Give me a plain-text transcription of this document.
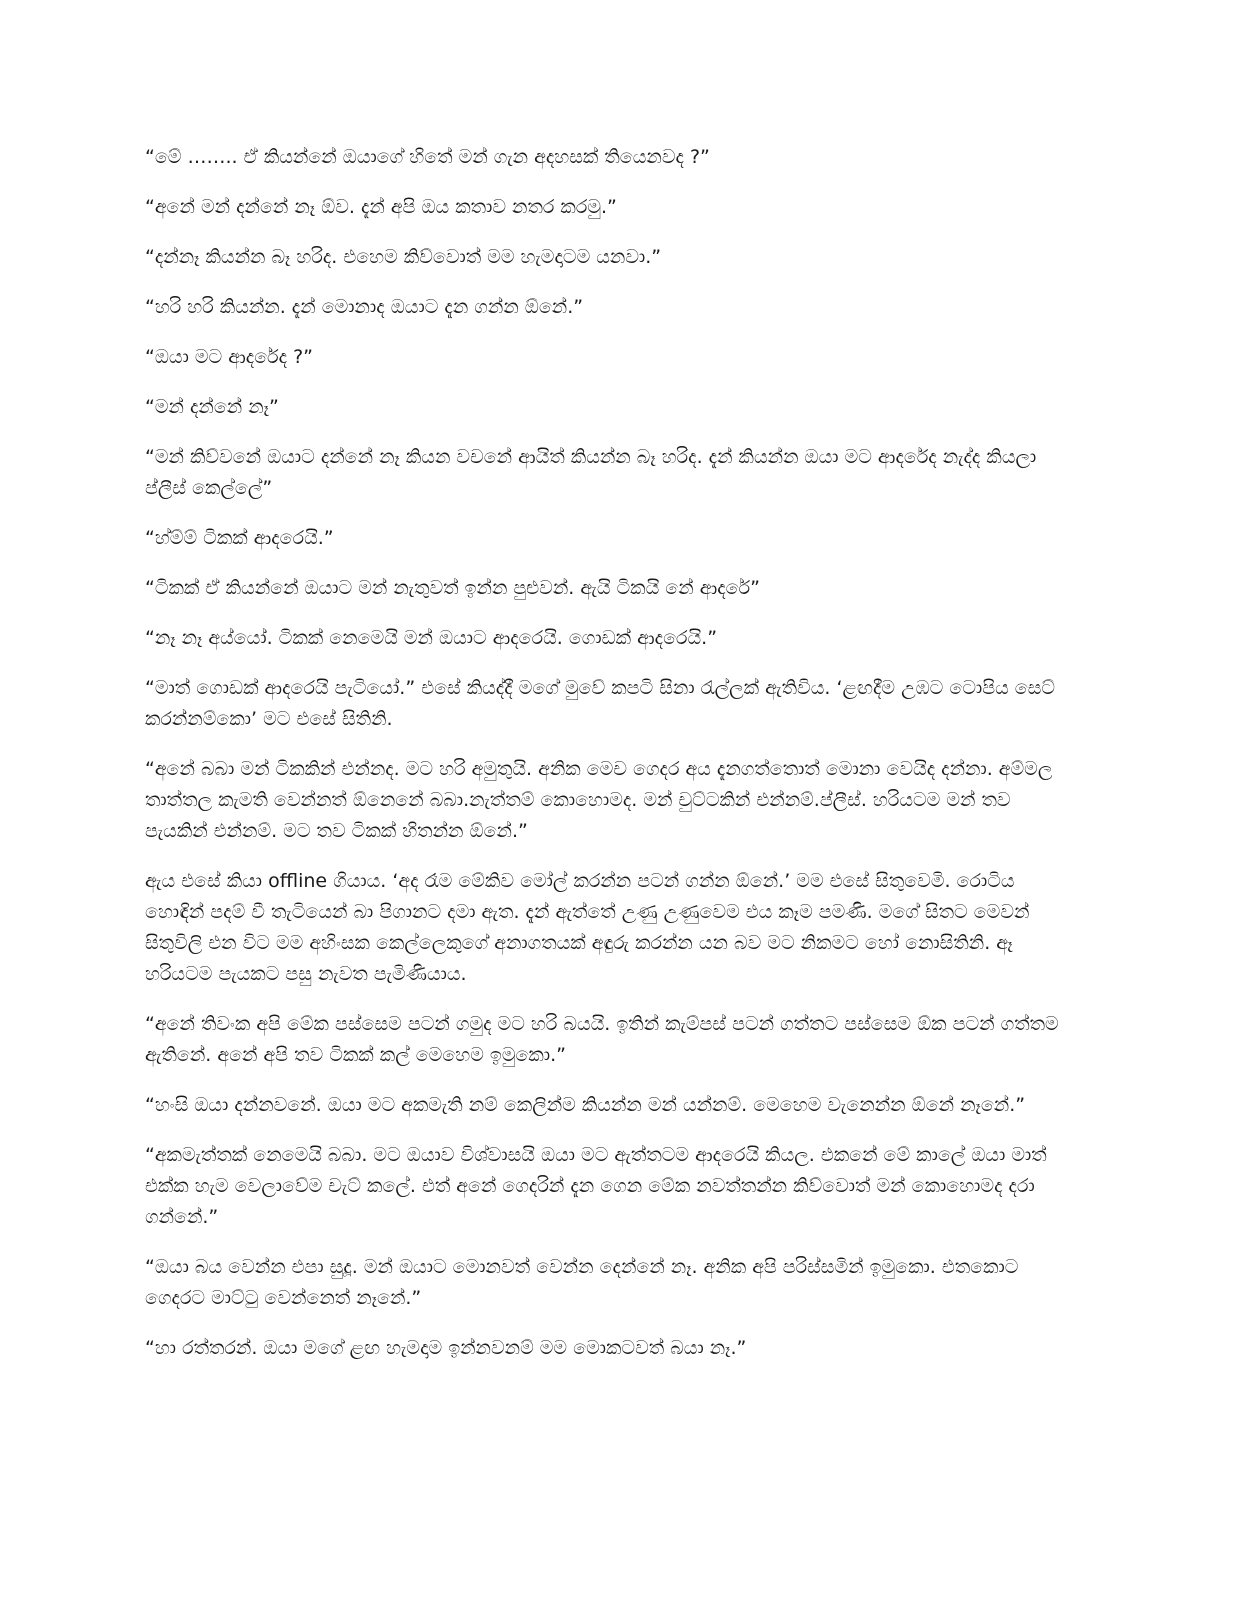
“මේ …….. ඒ කියන්නේ ඔයාගේ හිතේ මන් ගැන අදහසක් තියෙනවද ?”

“අනේ මන් දන්නේ නෑ ඕව. දැන් අපි ඔය කතාව නතර කරමු.”

“දන්නෑ කියන්න බෑ හරිද. එහෙම කිව්වොත් මම හැමදාටම යනවා.”

“හරි හරි කියන්න. දැන් මොනාද ඔයාට දැන ගන්න ඕනේ.”

“ඔයා මට ආදරේද ?”

“මන් දන්නේ නෑ”

“මන් කිව්වනේ ඔයාට දන්නේ නෑ කියන වචනේ ආයිත් කියන්න බෑ හරිද. දැන් කියන්න ඔයා මට ආදරේද නැද්ද කියලා ප්ලීස් කෙල්ලේ”

“හ්ම්ම් ටිකක් ආදරෙයි.”

“ටිකක් ඒ කියන්නේ ඔයාට මන් නැතුවත් ඉන්න පුළුවන්. ඇයි ටිකයි නේ ආදරේ”

“නෑ නෑ අය්යෝ. ටිකක් නෙමෙයි මන් ඔයාට ආදරෙයි. ගොඩක් ආදරෙයි.”

“මාත් ගොඩක් ආදරෙයි පැටියෝ.” එසේ කියද්දී මගේ මුවේ කපටි සිනා රැල්ලක් ඇතිවිය. ‘ළඟදීම උඹට ටොපිය සෙට් කරන්නම්කො’ මට එසේ සිතිනි.

“අනේ බබා මන් ටිකකින් එන්නද. මට හරි අමුතුයි. අනික මෙච ගෙදර අය දැනගත්තොත් මොනා වෙයිද දන්නා. අම්මල තාත්තල කැමති වෙන්නත් ඕනෙනේ බබා.නැත්තම් කොහොමද. මන් චුට්ටකින් එන්නම්.ප්ලීස්. හරියටම මන් තව පැයකින් එන්නම්. මට තව ටිකක් හිතන්න ඕනේ.”

ඇය එසේ කියා offline ගියාය. ‘අද රෑම මේකිව මෝල් කරන්න පටන් ගන්න ඕනේ.’ මම එසේ සිතුවෙමි. රොටිය හොඳින් පදම් වී තැටියෙන් බා පිගානට දමා ඇත. දැන් ඇත්තේ උණු උණුවෙම එය කෑම පමණි. මගේ සිතට මෙවන් සිතුවිලි එන විට මම අහිංසක කෙල්ලෙකුගේ අනාගතයක් අඳුරු කරන්න යන බව මට නිකමට හෝ නොසිතිනි. ඈ හරියටම පැයකට පසු නැවත පැමිණියාය.

“අනේ තිවංක අපි මේක පස්සෙම පටන් ගමුද මට හරි බයයි. ඉතින් කැම්පස් පටන් ගත්තට පස්සෙම ඕක පටන් ගත්තම ඇතිනේ. අනේ අපි තව ටිකක් කල් මෙහෙම ඉමුකො.”

“හංසි ඔයා දන්නවනේ. ඔයා මට අකමැති නම් කෙලින්ම කියන්න මන් යන්නම්. මෙහෙම වැනෙන්න ඕනේ නෑනේ.”

“අකමැත්තක් නෙමෙයි බබා. මට ඔයාව විශ්වාසයි ඔයා මට ඇත්තටම ආදරෙයි කියල. එකනේ මේ කාලේ ඔයා මාත් එක්ක හැම වෙලාවේම චැට් කලේ. එත් අනේ ගෙදරින් දැන ගෙන මේක නවත්තන්න කිව්වොත් මන් කොහොමද දරා ගන්නේ.”

“ඔයා බය වෙන්න එපා සුදූ. මන් ඔයාට මොනවත් වෙන්න දෙන්නේ නෑ. අනික අපි පරිස්සමින් ඉමුකො. එතකොට ගෙදරට මාට්ටු වෙන්නෙත් නෑනේ.”

“හා රත්තරන්. ඔයා මගේ ළඟ හැමදාම ඉන්නවනම් මම මොකටවත් බයා නෑ.”
